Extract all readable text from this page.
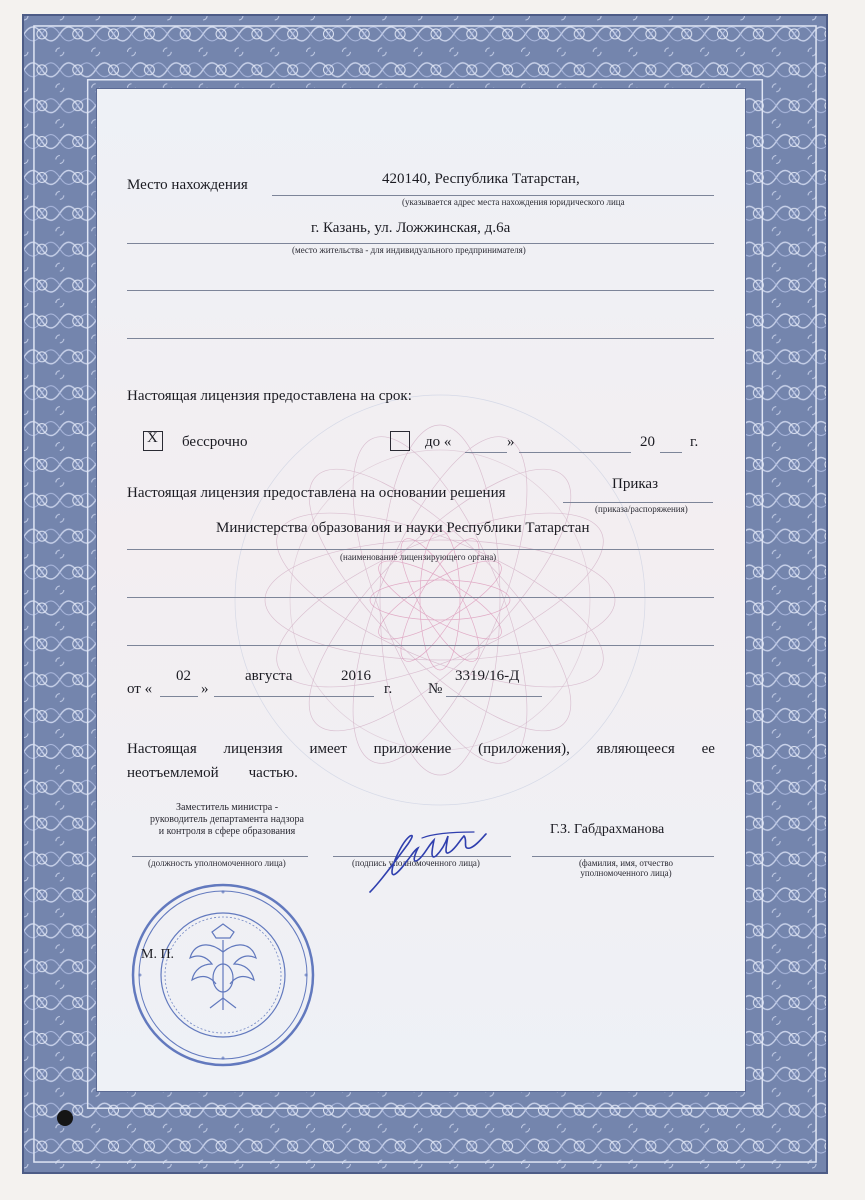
Место нахождения	420140, Республика Татарстан,
(указывается адрес места нахождения юридического лица
г. Казань, ул. Ложжинская, д.6а
(место жительства - для индивидуального предпринимателя)
Настоящая лицензия предоставлена на срок:
X бессрочно	до «	»	20 г.
Настоящая лицензия предоставлена на основании решения
Приказ
(приказа/распоряжения)
Министерства образования и науки Республики Татарстан
(наименование лицензирующего органа)
от «
02
»
августа	2016
г. №
3319/16-Д
Настоящая лицензия имеет приложение (приложения), являющееся ее
неотъемлемой частью.
Заместитель министра -
руководитель департамента надзора
и контроля в сфере образования	Г.З. Габдрахманова
(должность уполномоченного лица)	(подпись уполномоченного лица)	(фамилия, имя, отчество
уполномоченного лица)
М. П.
